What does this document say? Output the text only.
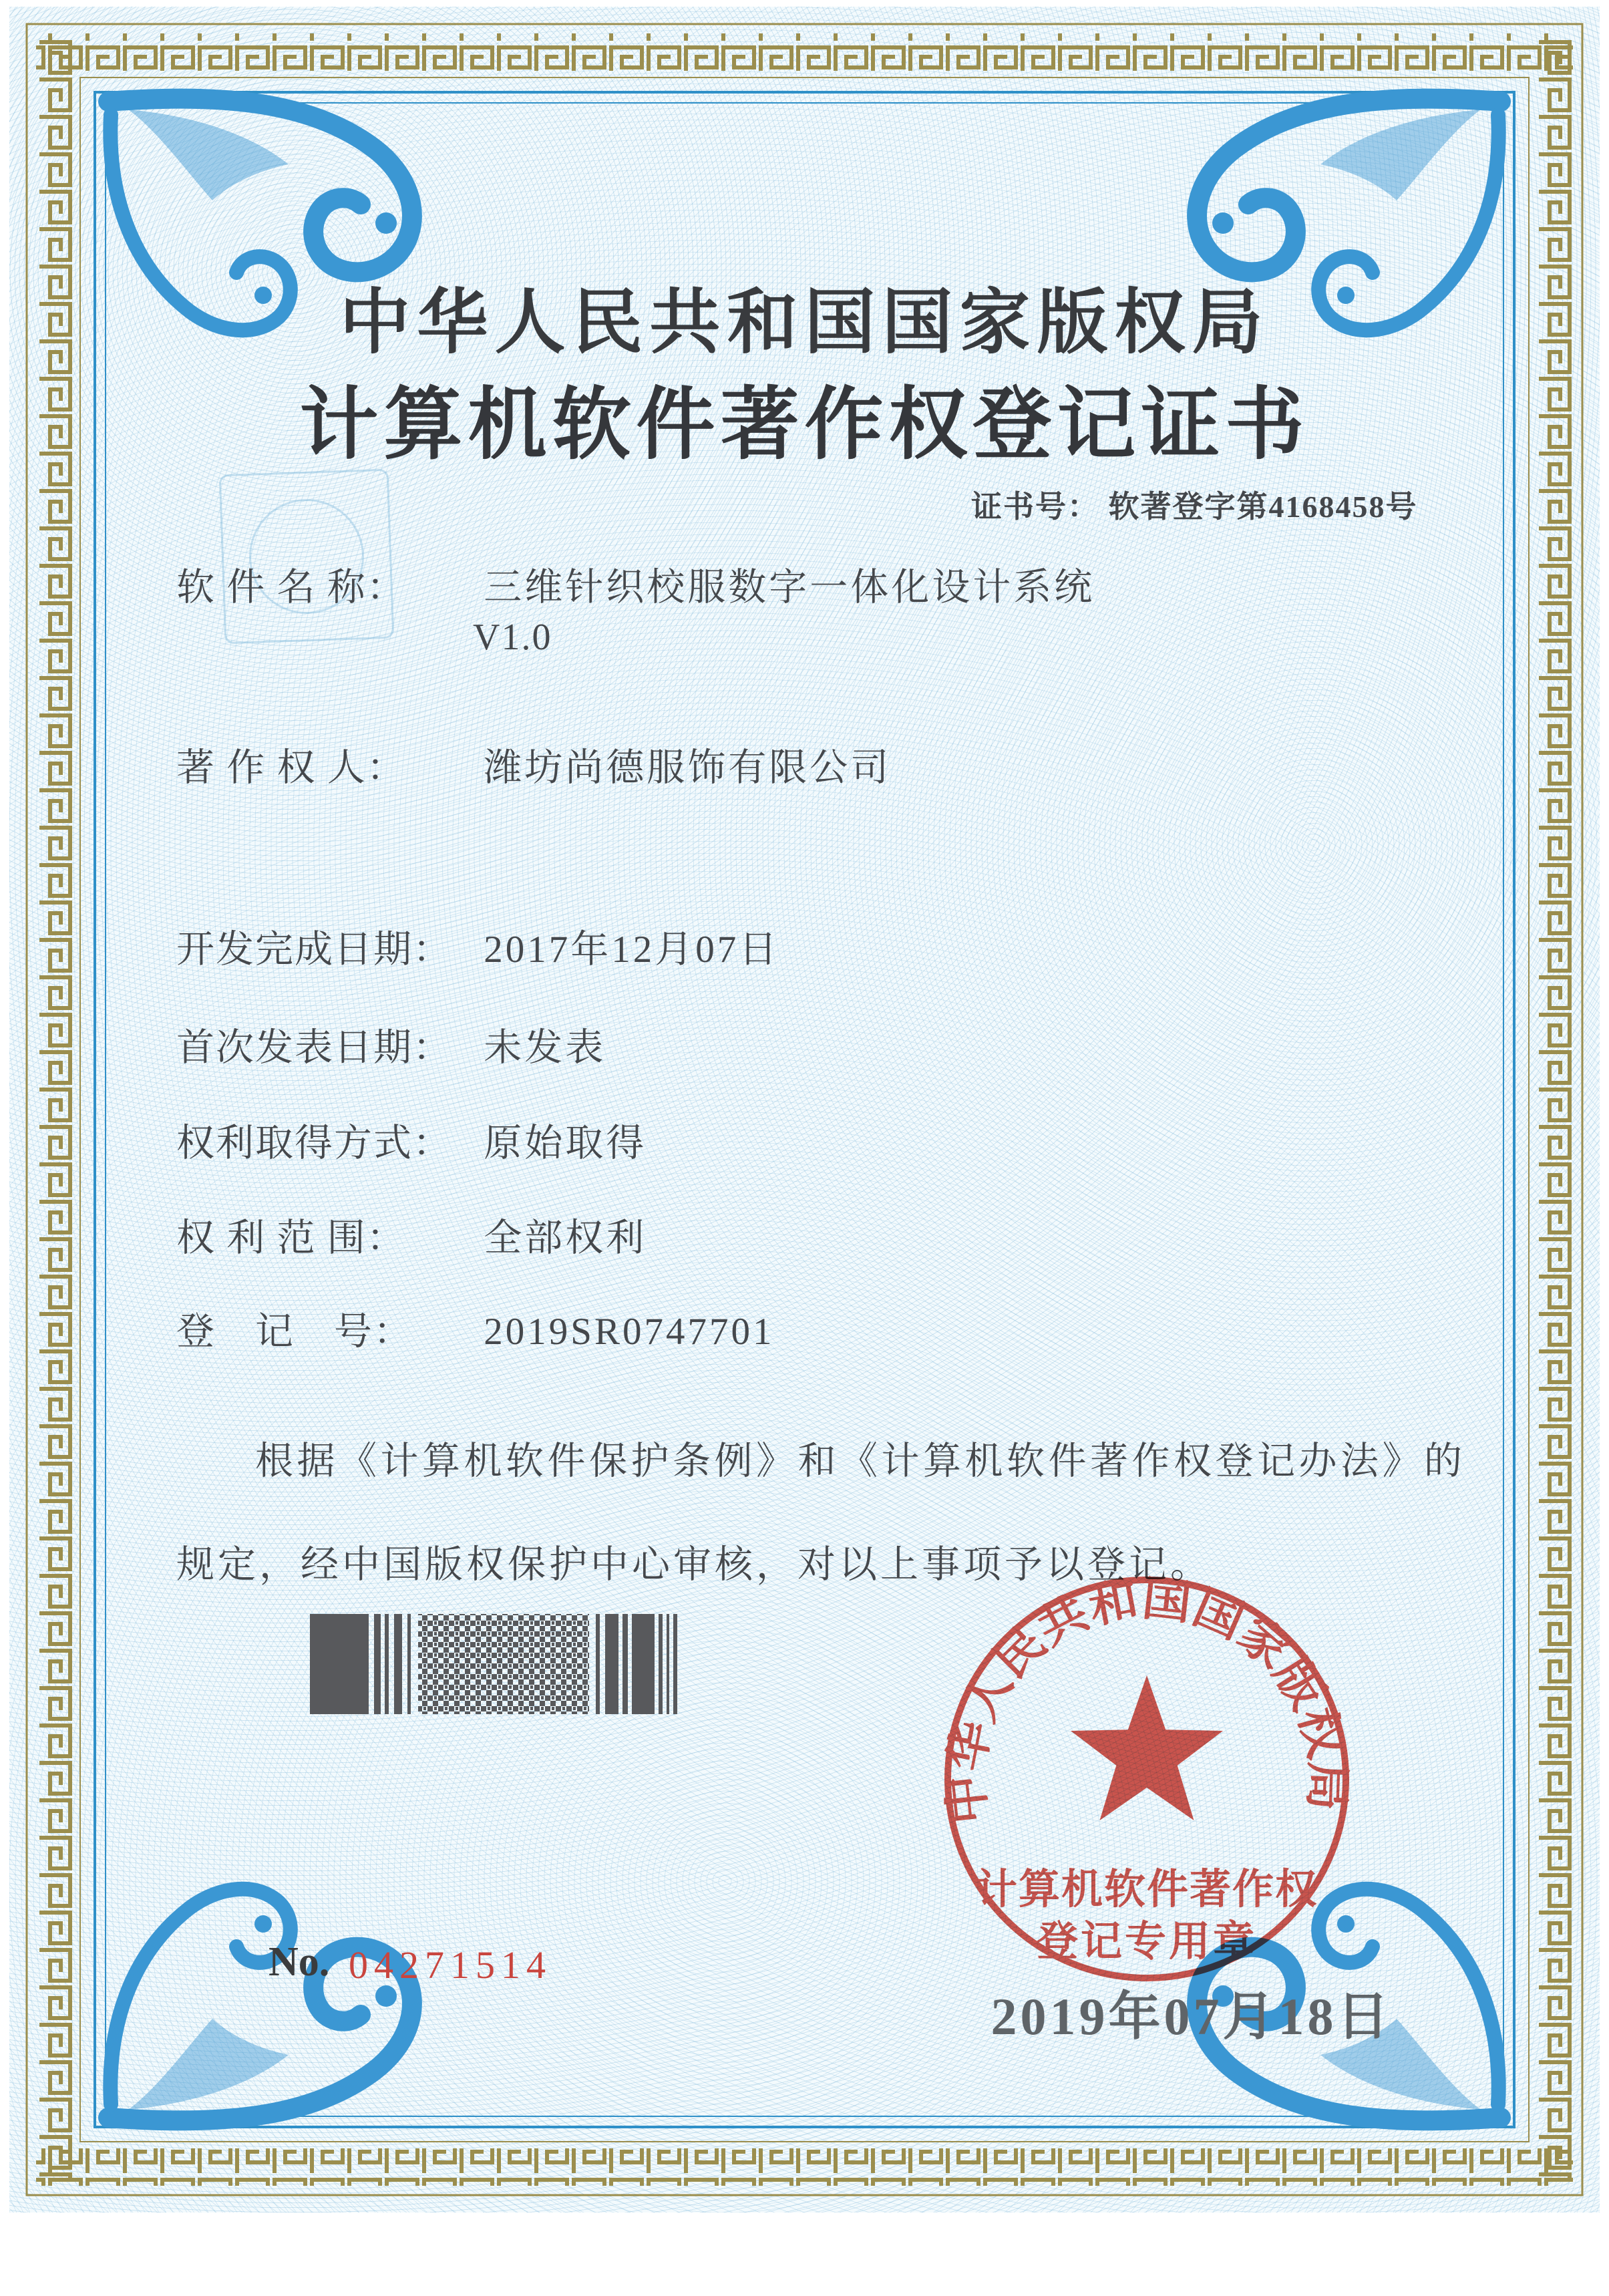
中华人民共和国国家版权局
计算机软件著作权登记证书
证书号： 软著登字第4168458号
软 件 名 称： 三维针织校服数字一体化设计系统
V1.0
著 作 权 人： 潍坊尚德服饰有限公司
开发完成日期： 2017年12月07日
首次发表日期： 未发表
权利取得方式： 原始取得
权 利 范 围： 全部权利
登　记　号： 2019SR0747701
根据《计算机软件保护条例》和《计算机软件著作权登记办法》的规定，经中国版权保护中心审核，对以上事项予以登记。
中华人民共和国国家版权局
计算机软件著作权
登记专用章
2019年07月18日
No. 04271514
